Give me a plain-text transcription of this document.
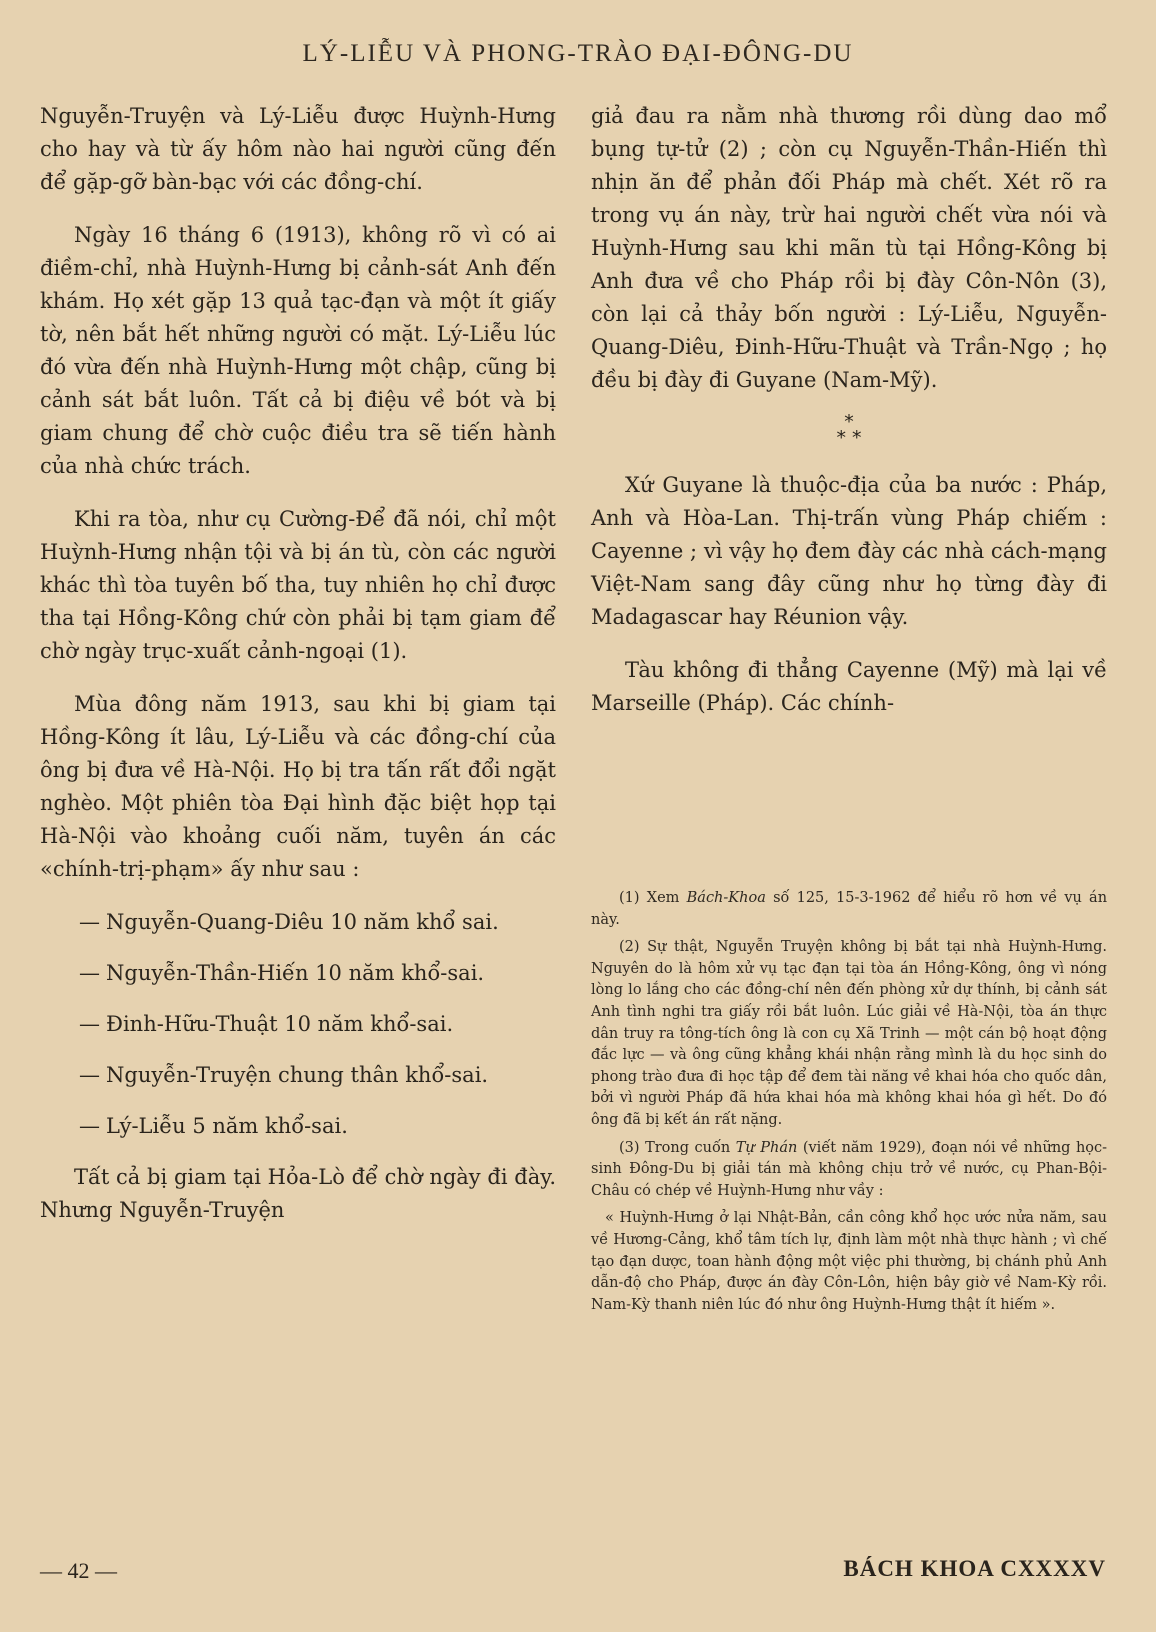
LÝ-LIỄU VÀ PHONG-TRÀO ĐẠI-ĐÔNG-DU

Nguyễn-Truyện và Lý-Liễu được Huỳnh-Hưng cho hay và từ ấy hôm nào hai người cũng đến để gặp-gỡ bàn-bạc với các đồng-chí.

Ngày 16 tháng 6 (1913), không rõ vì có ai điềm-chỉ, nhà Huỳnh-Hưng bị cảnh-sát Anh đến khám. Họ xét gặp 13 quả tạc-đạn và một ít giấy tờ, nên bắt hết những người có mặt. Lý-Liễu lúc đó vừa đến nhà Huỳnh-Hưng một chập, cũng bị cảnh sát bắt luôn. Tất cả bị điệu về bót và bị giam chung để chờ cuộc điều tra sẽ tiến hành của nhà chức trách.

Khi ra tòa, như cụ Cường-Để đã nói, chỉ một Huỳnh-Hưng nhận tội và bị án tù, còn các người khác thì tòa tuyên bố tha, tuy nhiên họ chỉ được tha tại Hồng-Kông chứ còn phải bị tạm giam để chờ ngày trục-xuất cảnh-ngoại (1).

Mùa đông năm 1913, sau khi bị giam tại Hồng-Kông ít lâu, Lý-Liễu và các đồng-chí của ông bị đưa về Hà-Nội. Họ bị tra tấn rất đổi ngặt nghèo. Một phiên tòa Đại hình đặc biệt họp tại Hà-Nội vào khoảng cuối năm, tuyên án các «chính-trị-phạm» ấy như sau :

— Nguyễn-Quang-Diêu 10 năm khổ sai.

— Nguyễn-Thần-Hiến 10 năm khổ-sai.

— Đinh-Hữu-Thuật 10 năm khổ-sai.

— Nguyễn-Truyện chung thân khổ-sai.

— Lý-Liễu 5 năm khổ-sai.

Tất cả bị giam tại Hỏa-Lò để chờ ngày đi đày. Nhưng Nguyễn-Truyện

giả đau ra nằm nhà thương rồi dùng dao mổ bụng tự-tử (2) ; còn cụ Nguyễn-Thần-Hiến thì nhịn ăn để phản đối Pháp mà chết. Xét rõ ra trong vụ án này, trừ hai người chết vừa nói và Huỳnh-Hưng sau khi mãn tù tại Hồng-Kông bị Anh đưa về cho Pháp rồi bị đày Côn-Nôn (3), còn lại cả thảy bốn người : Lý-Liễu, Nguyễn-Quang-Diêu, Đinh-Hữu-Thuật và Trần-Ngọ ; họ đều bị đày đi Guyane (Nam-Mỹ).

*
* *

Xứ Guyane là thuộc-địa của ba nước : Pháp, Anh và Hòa-Lan. Thị-trấn vùng Pháp chiếm : Cayenne ; vì vậy họ đem đày các nhà cách-mạng Việt-Nam sang đây cũng như họ từng đày đi Madagascar hay Réunion vậy.

Tàu không đi thẳng Cayenne (Mỹ) mà lại về Marseille (Pháp). Các chính-

(1) Xem Bách-Khoa số 125, 15-3-1962 để hiểu rõ hơn về vụ án này.

(2) Sự thật, Nguyễn Truyện không bị bắt tại nhà Huỳnh-Hưng. Nguyên do là hôm xử vụ tạc đạn tại tòa án Hồng-Kông, ông vì nóng lòng lo lắng cho các đồng-chí nên đến phòng xử dự thính, bị cảnh sát Anh tình nghi tra giấy rồi bắt luôn. Lúc giải về Hà-Nội, tòa án thực dân truy ra tông-tích ông là con cụ Xã Trinh — một cán bộ hoạt động đắc lực — và ông cũng khẳng khái nhận rằng mình là du học sinh do phong trào đưa đi học tập để đem tài năng về khai hóa cho quốc dân, bởi vì người Pháp đã hứa khai hóa mà không khai hóa gì hết. Do đó ông đã bị kết án rất nặng.

(3) Trong cuốn Tự Phán (viết năm 1929), đoạn nói về những học-sinh Đông-Du bị giải tán mà không chịu trở về nước, cụ Phan-Bội-Châu có chép về Huỳnh-Hưng như vầy :

« Huỳnh-Hưng ở lại Nhật-Bản, cần công khổ học ước nửa năm, sau về Hương-Cảng, khổ tâm tích lự, định làm một nhà thực hành ; vì chế tạo đạn dược, toan hành động một việc phi thường, bị chánh phủ Anh dẫn-độ cho Pháp, được án đày Côn-Lôn, hiện bây giờ về Nam-Kỳ rồi. Nam-Kỳ thanh niên lúc đó như ông Huỳnh-Hưng thật ít hiếm ».

— 42 —	BÁCH KHOA CXXXXV
